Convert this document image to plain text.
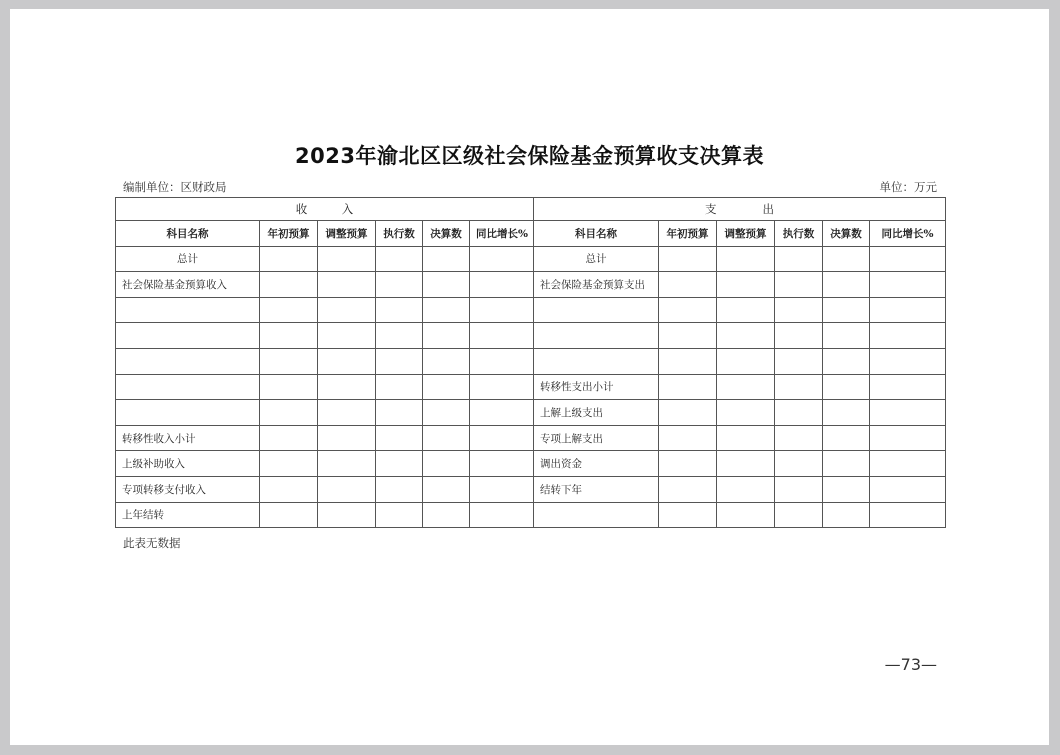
2023年渝北区区级社会保险基金预算收支决算表
编制单位：区财政局	单位：万元
收　　　入						支　　　　出					
科目名称	年初预算	调整预算	执行数	决算数	同比增长%	科目名称	年初预算	调整预算	执行数	决算数	同比增长%
总计						总计					
社会保险基金预算收入						社会保险基金预算支出					

						转移性支出小计					
						上解上级支出					
转移性收入小计						专项上解支出					
上级补助收入						调出资金					
专项转移支付收入						结转下年					
上年结转											
此表无数据
—73—
